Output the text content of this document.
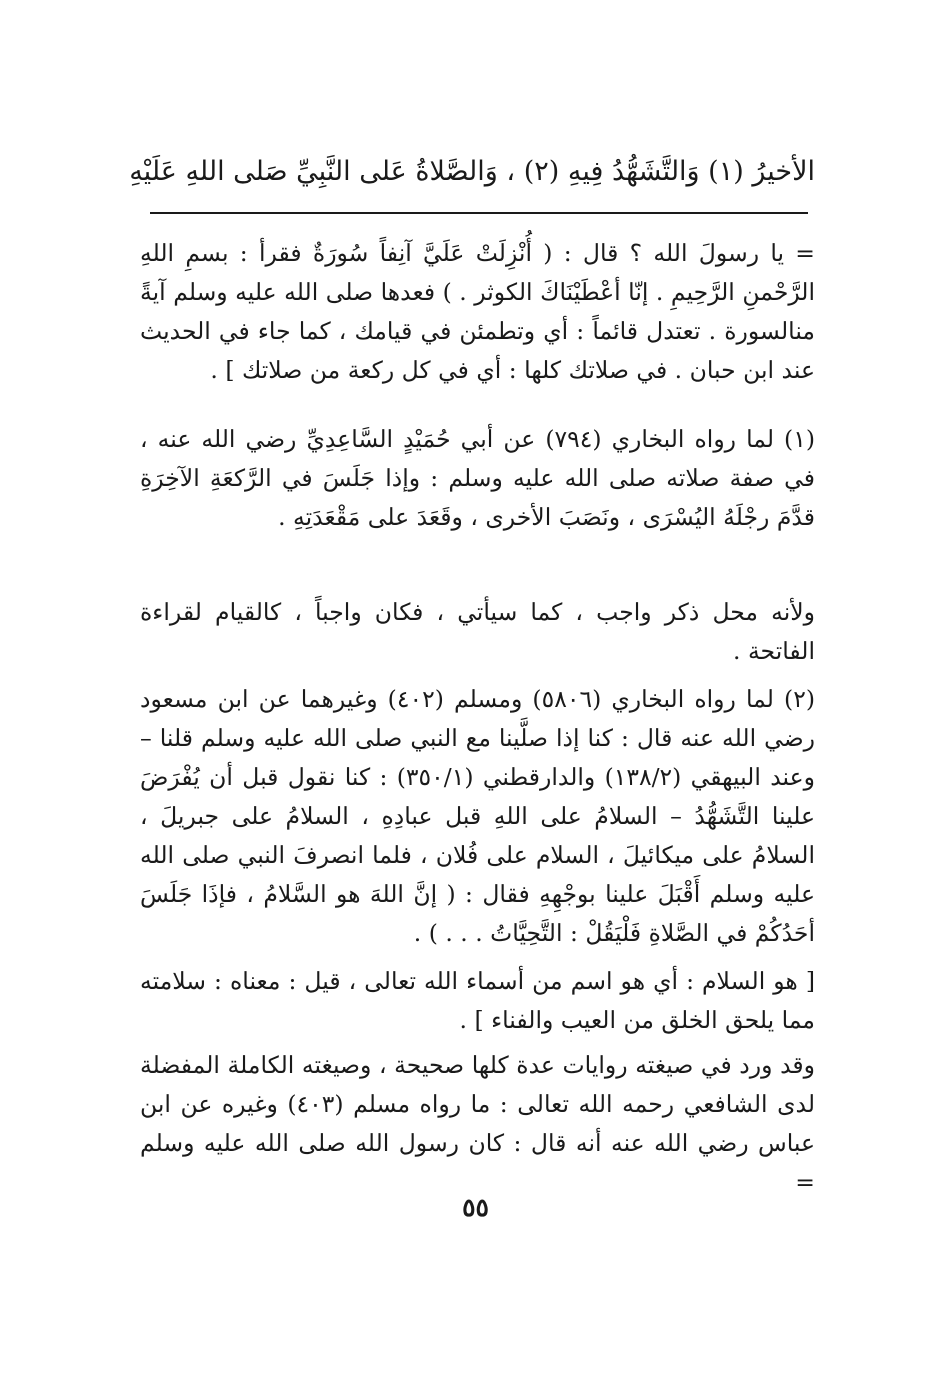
الأخيرُ (١) وَالتَّشَهُّدُ فِيهِ (٢) ، وَالصَّلاةُ عَلى النَّبِيِّ صَلى اللهِ عَلَيْهِ

= يا رسولَ الله ؟ قال : ( أُنْزِلَتْ عَلَيَّ آنِفاً سُورَةٌ فقرأ : بسمِ اللهِ الرَّحْمنِ الرَّحِيمِ . إنّا أعْطَيْنَاكَ الكوثر . ) فعدها صلى الله عليه وسلم آيةً منالسورة . تعتدل قائماً : أي وتطمئن في قيامك ، كما جاء في الحديث عند ابن حبان . في صلاتك كلها : أي في كل ركعة من صلاتك ] .

(١) لما رواه البخاري (٧٩٤) عن أبي حُمَيْدٍ السَّاعِدِيِّ رضي الله عنه ، في صفة صلاته صلى الله عليه وسلم : وإذا جَلَسَ في الرَّكعَةِ الآخِرَةِ قدَّمَ رجْلَهُ اليُسْرَى ، ونَصَبَ الأخرى ، وقَعَدَ على مَقْعَدَتِهِ .

ولأنه محل ذكر واجب ، كما سيأتي ، فكان واجباً ، كالقيام لقراءة الفاتحة .

(٢) لما رواه البخاري (٥٨٠٦) ومسلم (٤٠٢) وغيرهما عن ابن مسعود رضي الله عنه قال : كنا إذا صلَّينا مع النبي صلى الله عليه وسلم قلنا – وعند البيهقي (١٣٨/٢) والدارقطني (٣٥٠/١) : كنا نقول قبل أن يُفْرَضَ علينا التَّشَهُّدُ – السلامُ على اللهِ قبل عبادِهِ ، السلامُ على جبريلَ ، السلامُ على ميكائيلَ ، السلام على فُلان ، فلما انصرفَ النبي صلى الله عليه وسلم أَقْبَلَ علينا بوجْهِهِ فقال : ( إنَّ اللهَ هو السَّلامُ ، فإذَا جَلَسَ أحَدُكُمْ في الصَّلاةِ فَلْيَقُلْ : التَّحِيَّاتُ . . . ) .

[ هو السلام : أي هو اسم من أسماء الله تعالى ، قيل : معناه : سلامته مما يلحق الخلق من العيب والفناء ] .

وقد ورد في صيغته روايات عدة كلها صحيحة ، وصيغته الكاملة المفضلة لدى الشافعي رحمه الله تعالى : ما رواه مسلم (٤٠٣) وغيره عن ابن عباس رضي الله عنه أنه قال : كان رسول الله صلى الله عليه وسلم =

٥٥
